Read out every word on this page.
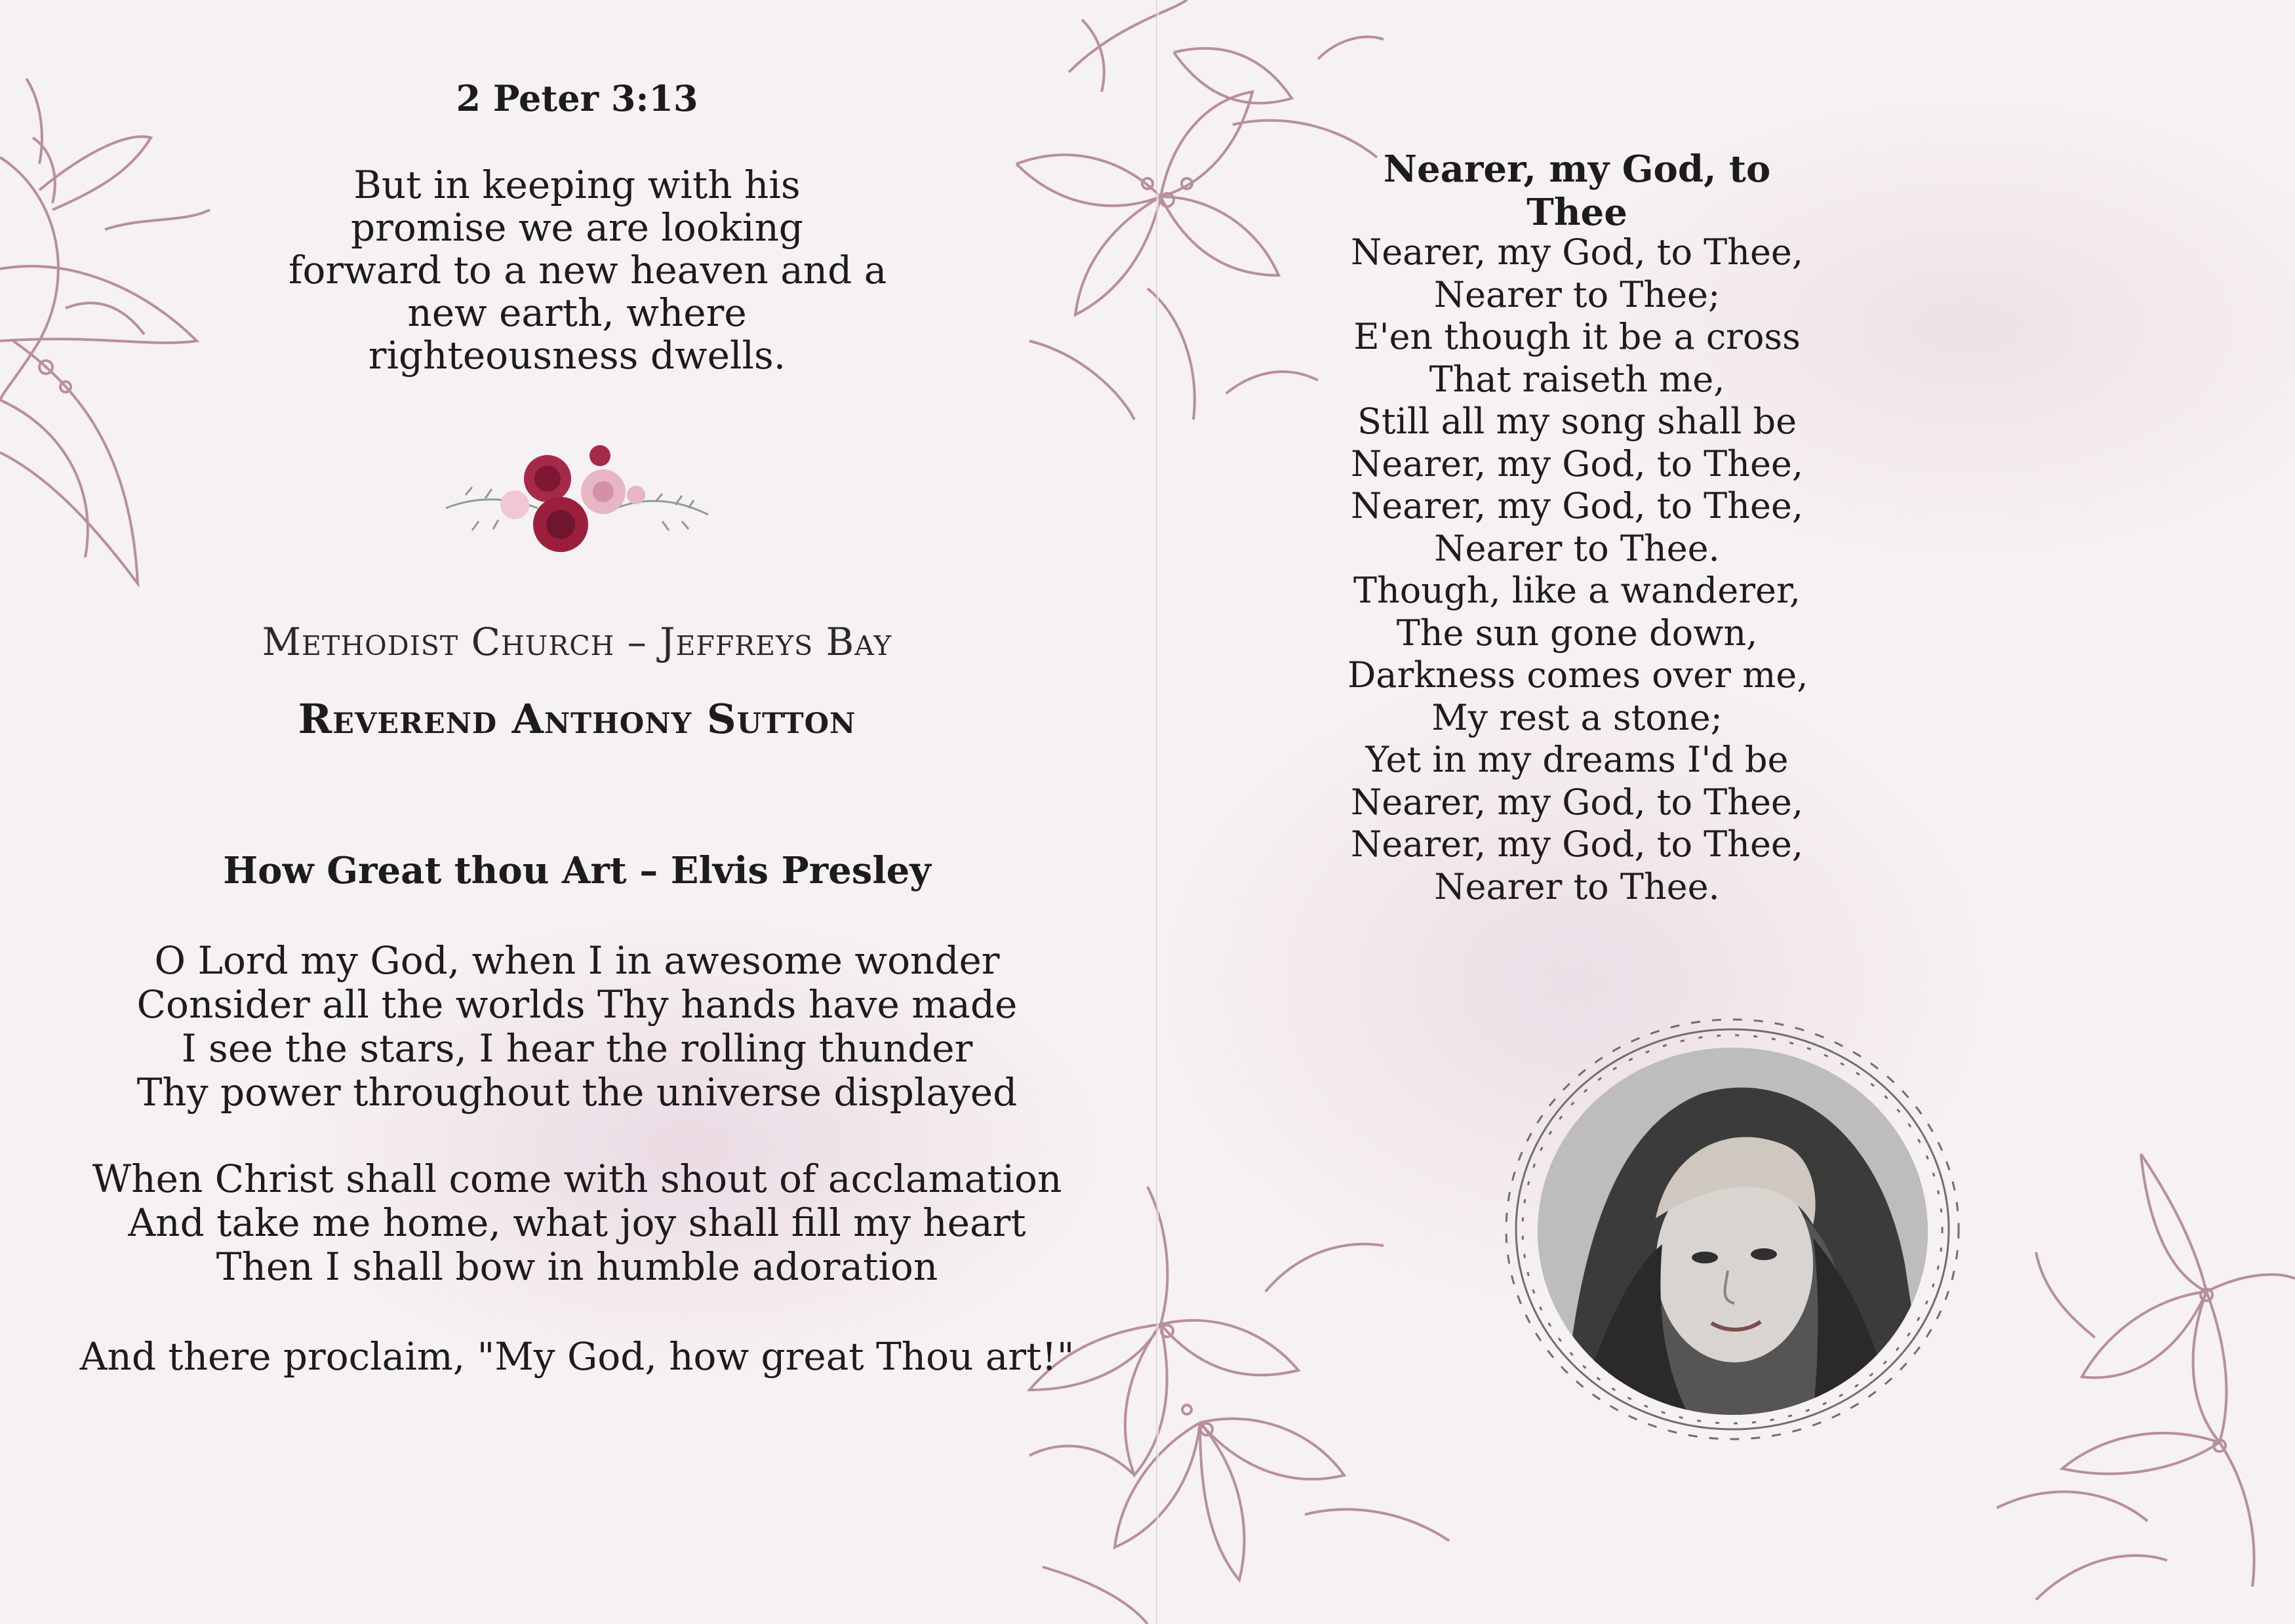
2 Peter 3:13
But in keeping with his
promise we are looking
forward to a new heaven and a
new earth, where
righteousness dwells.
Methodist Church – Jeffreys Bay
Reverend Anthony Sutton
How Great thou Art – Elvis Presley
O Lord my God, when I in awesome wonder
Consider all the worlds Thy hands have made
I see the stars, I hear the rolling thunder
Thy power throughout the universe displayed
When Christ shall come with shout of acclamation
And take me home, what joy shall fill my heart
Then I shall bow in humble adoration
And there proclaim, "My God, how great Thou art!"
Nearer, my God, to Thee
Nearer, my God, to Thee,
Nearer to Thee;
E'en though it be a cross
That raiseth me,
Still all my song shall be
Nearer, my God, to Thee,
Nearer, my God, to Thee,
Nearer to Thee.
Though, like a wanderer,
The sun gone down,
Darkness comes over me,
My rest a stone;
Yet in my dreams I'd be
Nearer, my God, to Thee,
Nearer, my God, to Thee,
Nearer to Thee.
